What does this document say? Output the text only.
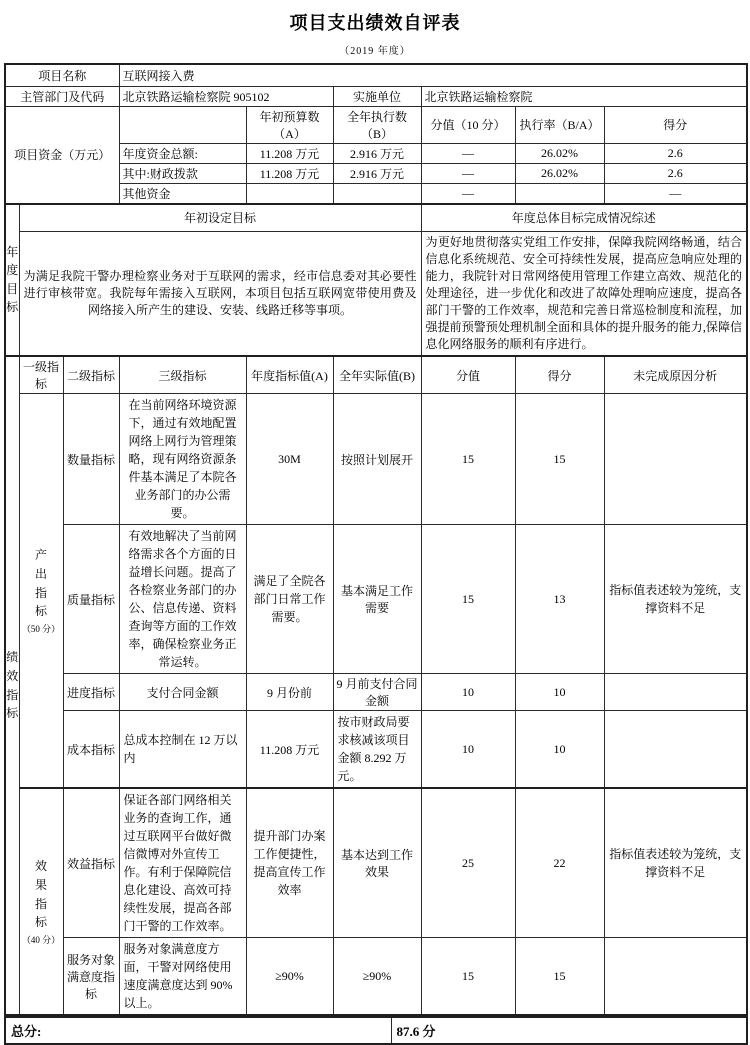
项目支出绩效自评表
（2019 年度）
项目名称			互联网接入费					
主管部门及代码			北京铁路运输检察院 905102		实施单位	北京铁路运输检察院		
项目资金（万元）				年初预算数（A）	全年执行数（B）	分值（10 分）	执行率（B/A）	得分
			年度资金总额:	11.208 万元	2.916 万元	—	26.02%	2.6
			其中:财政拨款	11.208 万元	2.916 万元	—	26.02%	2.6
			其他资金			—		—
年度目标	年初设定目标					年度总体目标完成情况综述		
	为满足我院干警办理检察业务对于互联网的需求，经市信息委对其必要性进行审核带宽。我院每年需接入互联网，本项目包括互联网宽带使用费及网络接入所产生的建设、安装、线路迁移等事项。					为更好地贯彻落实党组工作安排，保障我院网络畅通，结合信息化系统规范、安全可持续性发展，提高应急响应处理的能力，我院针对日常网络使用管理工作建立高效、规范化的处理途径，进一步优化和改进了故障处理响应速度，提高各部门干警的工作效率，规范和完善日常巡检制度和流程，加强提前预警预处理机制全面和具体的提升服务的能力,保障信息化网络服务的顺利有序进行。		
绩效指标	一级指标	二级指标	三级指标	年度指标值(A)	全年实际值(B)	分值	得分	未完成原因分析
	产出指标
（50 分）	数量指标	在当前网络环境资源下，通过有效地配置网络上网行为管理策略，现有网络资源条件基本满足了本院各业务部门的办公需要。	30M	按照计划展开	15	15	
		质量指标	有效地解决了当前网络需求各个方面的日益增长问题。提高了各检察业务部门的办公、信息传递、资料查询等方面的工作效率，确保检察业务正常运转。	满足了全院各部门日常工作需要。	基本满足工作需要	15	13	指标值表述较为笼统，支撑资料不足
		进度指标	支付合同金额	9 月份前	9 月前支付合同金额	10	10	
		成本指标	总成本控制在 12 万以内	11.208 万元	按市财政局要求核减该项目金额 8.292 万元。	10	10	
	效果指标
（40 分）	效益指标	保证各部门网络相关业务的查询工作，通过互联网平台做好微信微博对外宣传工作。有利于保障院信息化建设、高效可持续性发展，提高各部门干警的工作效率。	提升部门办案工作便捷性，提高宣传工作效率	基本达到工作效果	25	22	指标值表述较为笼统，支撑资料不足
		服务对象满意度指标	服务对象满意度方面，干警对网络使用速度满意度达到 90%以上。	≥90%	≥90%	15	15	
总分:	87.6 分
